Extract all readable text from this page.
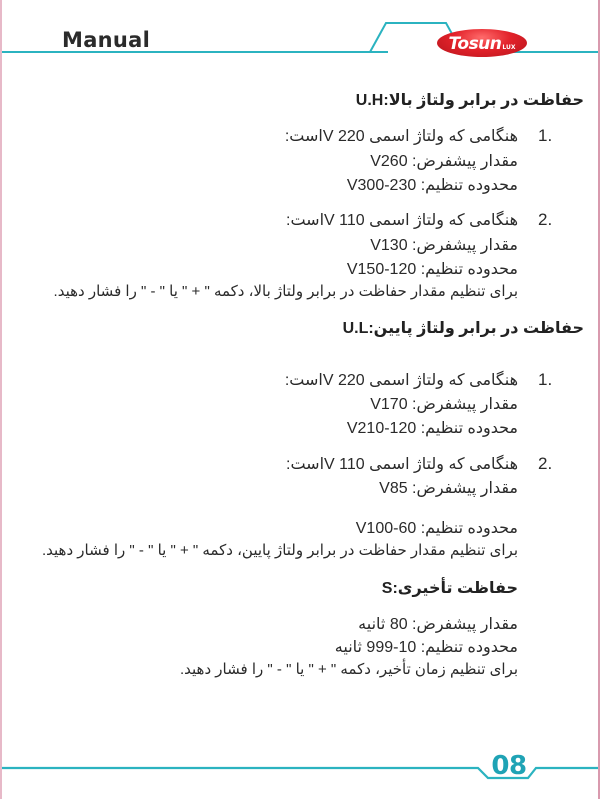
Manual	Tosun LUX
U.H:حفاظت در برابر ولتاژ بالا
1.
هنگامی که ولتاژ اسمی 220 Vاست:
مقدار پیشفرض: V260
محدوده تنظیم: V300-230
2.
هنگامی که ولتاژ اسمی 110 Vاست:
مقدار پیشفرض: V130
محدوده تنظیم: V150-120
برای تنظیم مقدار حفاظت در برابر ولتاژ بالا، دکمه " + " یا " - " را فشار دهید.
U.L:حفاظت در برابر ولتاژ پایین
1.
هنگامی که ولتاژ اسمی 220 Vاست:
مقدار پیشفرض: V170
محدوده تنظیم: V210-120
2.
هنگامی که ولتاژ اسمی 110 Vاست:
مقدار پیشفرض: V85
محدوده تنظیم: V100-60
برای تنظیم مقدار حفاظت در برابر ولتاژ پایین، دکمه " + " یا " - " را فشار دهید.
S:حفاظت تأخیری
مقدار پیشفرض: 80 ثانیه
محدوده تنظیم: 10-999 ثانیه
برای تنظیم زمان تأخیر، دکمه " + " یا " - " را فشار دهید.
08
